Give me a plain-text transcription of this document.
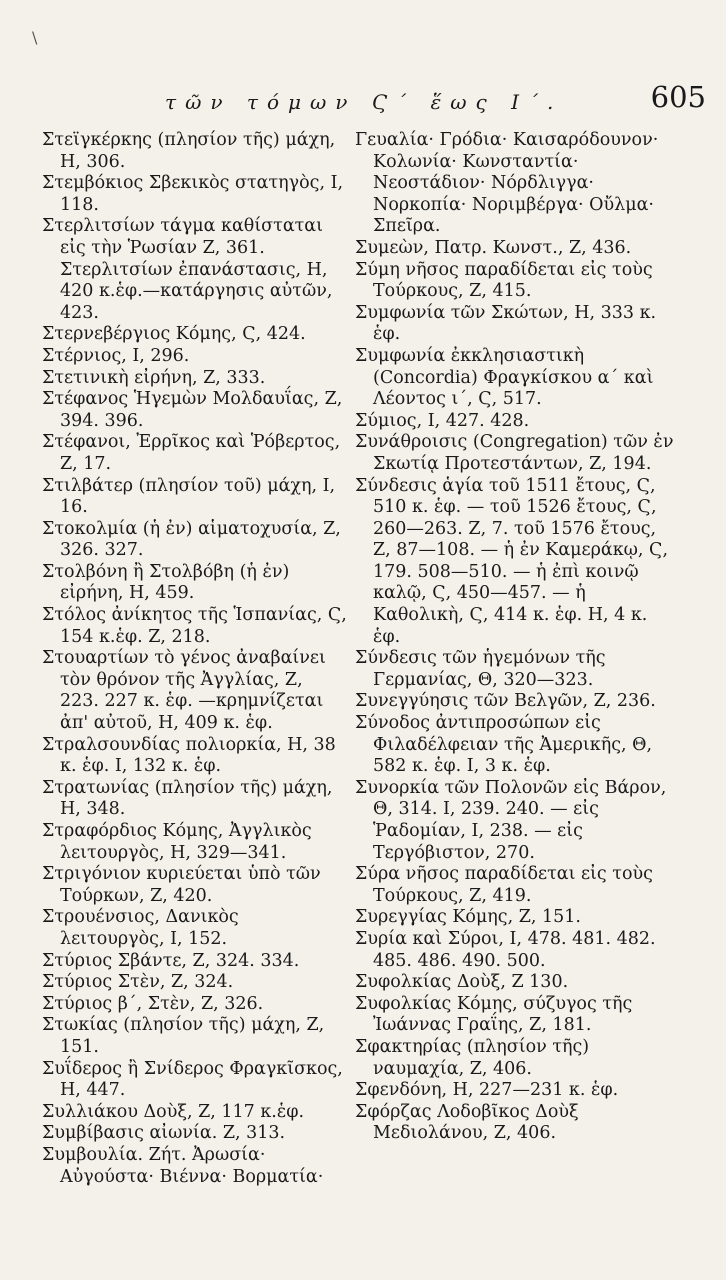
\
τῶν τόμων Ϛ΄ ἕως Ι΄.	605

Στεϊγκέρκης (πλησίον τῆς) μάχη, Η, 306.

Στεμβόκιος Σβεκικὸς στατηγὸς, Ι, 118.

Στερλιτσίων τάγμα καθίσταται εἰς τὴν Ῥωσίαν Ζ, 361. Στερλιτσίων ἐπανάστασις, Η, 420 κ.ἑφ.—κατάργησις αὐτῶν, 423.

Στερνεβέργιος Κόμης, Ϛ, 424.

Στέρνιος, Ι, 296.

Στετινικὴ εἰρήνη, Ζ, 333.

Στέφανος Ἡγεμὼν Μολδαυΐας, Ζ, 394. 396.

Στέφανοι, Ἐρρῖκος καὶ Ῥόβερτος, Ζ, 17.

Στιλβάτερ (πλησίον τοῦ) μάχη, Ι, 16.

Στοκολμία (ἡ ἐν) αἱματοχυσία, Ζ, 326. 327.

Στολβόνη ἢ Στολβόβη (ἡ ἐν) εἰρήνη, Η, 459.

Στόλος ἀνίκητος τῆς Ἱσπανίας, Ϛ, 154 κ.ἑφ. Ζ, 218.

Στουαρτίων τὸ γένος ἀναβαίνει τὸν θρόνον τῆς Ἀγγλίας, Ζ, 223. 227 κ. ἑφ. —κρημνίζεται ἀπ' αὐτοῦ, Η, 409 κ. ἑφ.

Στραλσουνδίας πολιορκία, Η, 38 κ. ἑφ. Ι, 132 κ. ἑφ.

Στρατωνίας (πλησίον τῆς) μάχη, Η, 348.

Στραφόρδιος Κόμης, Ἀγγλικὸς λειτουργὸς, Η, 329—341.

Στριγόνιον κυριεύεται ὑπὸ τῶν Τούρκων, Ζ, 420.

Στρουένσιος, Δανικὸς λειτουργὸς, Ι, 152.

Στύριος Σβάντε, Ζ, 324. 334.

Στύριος Στὲν, Ζ, 324.

Στύριος β΄, Στὲν, Ζ, 326.

Στωκίας (πλησίον τῆς) μάχη, Ζ, 151.

Συΐδερος ἢ Σνίδερος Φραγκῖσκος, Η, 447.

Συλλιάκου Δοὺξ, Ζ, 117 κ.ἑφ.

Συμβίβασις αἰωνία. Ζ, 313.

Συμβουλία. Ζήτ. Ἀρωσία· Αὐγούστα· Βιέννα· Βορματία·

Γευαλία· Γρόδια· Καισαρόδουνον· Κολωνία· Κωνσταντία· Νεοστάδιον· Νόρδλιγγα· Νορκοπία· Νοριμβέργα· Οὔλμα· Σπεῖρα.

Συμεὼν, Πατρ. Κωνστ., Ζ, 436.

Σύμη νῆσος παραδίδεται εἰς τοὺς Τούρκους, Ζ, 415.

Συμφωνία τῶν Σκώτων, Η, 333 κ. ἑφ.

Συμφωνία ἐκκλησιαστικὴ (Concordia) Φραγκίσκου α΄ καὶ Λέοντος ι΄, Ϛ, 517.

Σύμιος, Ι, 427. 428.

Συνάθροισις (Congregation) τῶν ἐν Σκωτίᾳ Προτεστάντων, Ζ, 194.

Σύνδεσις ἁγία τοῦ 1511 ἔτους, Ϛ, 510 κ. ἑφ. — τοῦ 1526 ἔτους, Ϛ, 260—263. Ζ, 7. τοῦ 1576 ἔτους, Ζ, 87—108. — ἡ ἐν Καμεράκῳ, Ϛ, 179. 508—510. — ἡ ἐπὶ κοινῷ καλῷ, Ϛ, 450—457. — ἡ Καθολικὴ, Ϛ, 414 κ. ἑφ. Η, 4 κ. ἑφ.

Σύνδεσις τῶν ἡγεμόνων τῆς Γερμανίας, Θ, 320—323.

Συνεγγύησις τῶν Βελγῶν, Ζ, 236.

Σύνοδος ἀντιπροσώπων εἰς Φιλαδέλφειαν τῆς Ἀμερικῆς, Θ, 582 κ. ἑφ. Ι, 3 κ. ἑφ.

Συνορκία τῶν Πολονῶν εἰς Βάρον, Θ, 314. Ι, 239. 240. — εἰς Ῥαδομίαν, Ι, 238. — εἰς Τεργόβιστον, 270.

Σύρα νῆσος παραδίδεται εἰς τοὺς Τούρκους, Ζ, 419.

Συρεγγίας Κόμης, Ζ, 151.

Συρία καὶ Σύροι, Ι, 478. 481. 482. 485. 486. 490. 500.

Συφολκίας Δοὺξ, Ζ 130.

Συφολκίας Κόμης, σύζυγος τῆς Ἰωάννας Γραΐης, Ζ, 181.

Σφακτηρίας (πλησίον τῆς) ναυμαχία, Ζ, 406.

Σφενδόνη, Η, 227—231 κ. ἑφ.

Σφόρζας Λοδοβῖκος Δοὺξ Μεδιολάνου, Ζ, 406.
